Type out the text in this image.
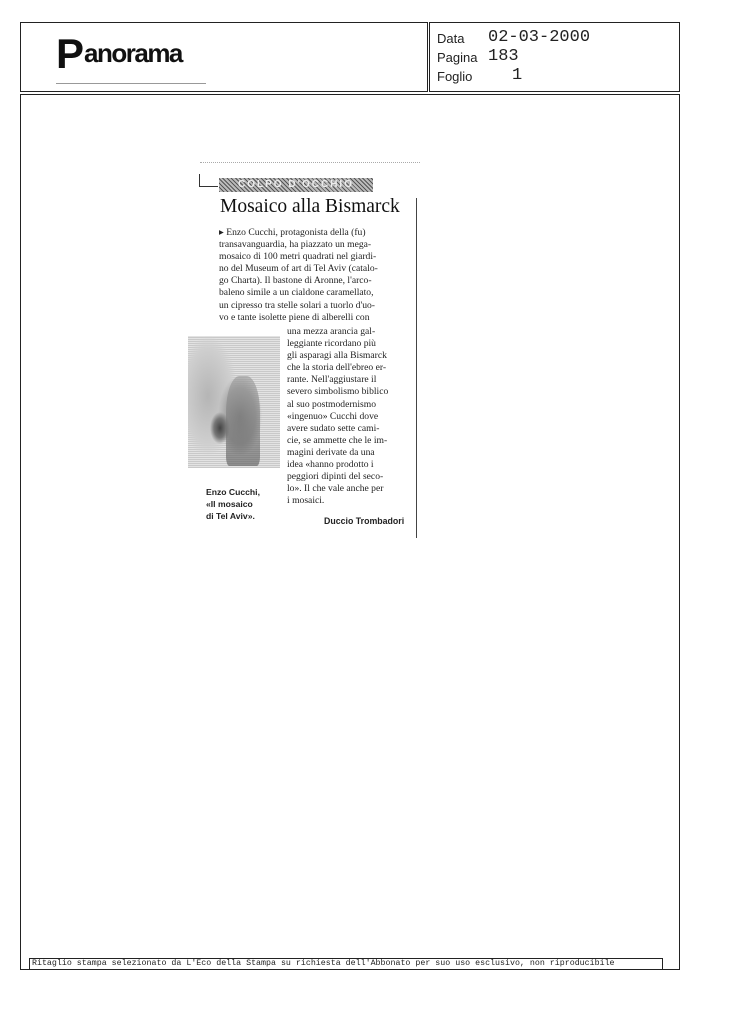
Panorama	Data
Pagina
Foglio
02-03-2000
183
1
COLPO D'OCCHIO
Mosaico alla Bismarck

▸ Enzo Cucchi, protagonista della (fu)

transavanguardia, ha piazzato un mega-

mosaico di 100 metri quadrati nel giardi-

no del Museum of art di Tel Aviv (catalo-

go Charta). Il bastone di Aronne, l'arco-

baleno simile a un cialdone caramellato,

un cipresso tra stelle solari a tuorlo d'uo-

vo e tante isolette piene di alberelli con

una mezza arancia gal-

leggiante ricordano più

gli asparagi alla Bismarck

che la storia dell'ebreo er-

rante. Nell'aggiustare il

severo simbolismo biblico

al suo postmodernismo

«ingenuo» Cucchi dove

avere sudato sette cami-

cie, se ammette che le im-

magini derivate da una

idea «hanno prodotto i

peggiori dipinti del seco-

lo». Il che vale anche per

i mosaici.

Enzo Cucchi,
«Il mosaico
di Tel Aviv».	Duccio Trombadori
Ritaglio stampa selezionato da L'Eco della Stampa su richiesta dell'Abbonato per suo uso esclusivo, non riproducibile
